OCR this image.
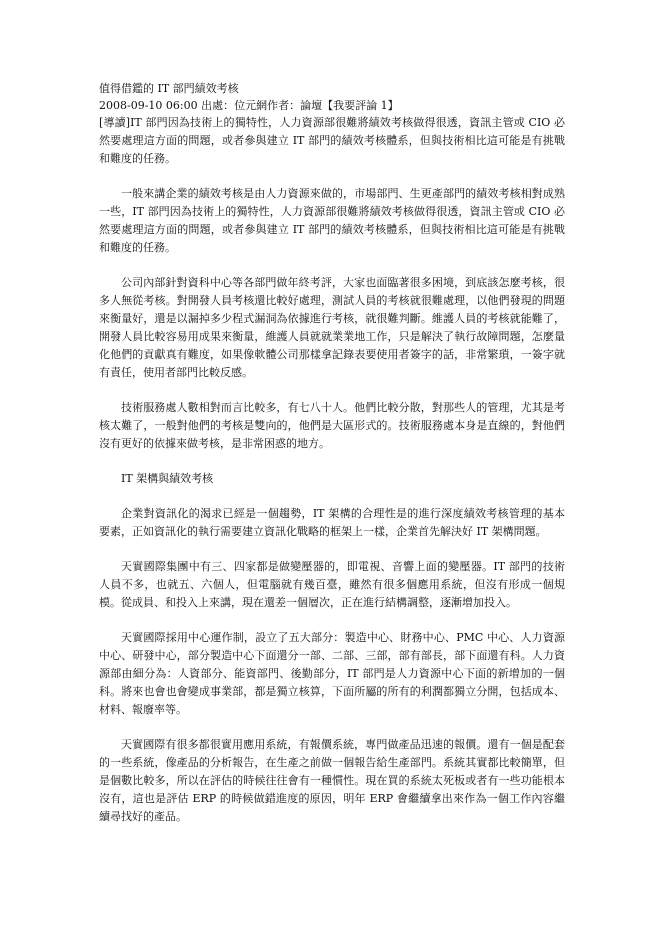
值得借鑑的 IT 部門績效考核

2008-09-10 06:00 出處：位元網作者：論壇【我要評論 1】

[導讀]IT 部門因為技術上的獨特性，人力資源部很難將績效考核做得很透，資訊主管或 CIO 必然要處理這方面的問題，或者參與建立 IT 部門的績效考核體系，但與技術相比這可能是有挑戰和難度的任務。

一般來講企業的績效考核是由人力資源來做的，市場部門、生更產部門的績效考核相對成熟一些，IT 部門因為技術上的獨特性，人力資源部很難將績效考核做得很透，資訊主管或 CIO 必然要處理這方面的問題，或者參與建立 IT 部門的績效考核體系，但與技術相比這可能是有挑戰和難度的任務。

公司內部針對資科中心等各部門做年終考評，大家也面臨著很多困境，到底該怎麼考核，很多人無從考核。對開發人員考核還比較好處理，測試人員的考核就很難處理，以他們發現的問題來衡量好，還是以漏掉多少程式漏洞為依據進行考核，就很難判斷。維護人員的考核就能難了，開發人員比較容易用成果來衡量，維護人員就就業業地工作，只是解決了執行故障問題，怎麼量化他們的貢獻真有難度，如果像軟體公司那樣拿記錄表要使用者簽字的話，非常繁瑣，一簽字就有責任，使用者部門比較反感。

技術服務處人數相對而言比較多，有七八十人。他們比較分散，對那些人的管理，尤其是考核太難了，一般對他們的考核是雙向的，他們是大區形式的。技術服務處本身是直線的，對他們沒有更好的依據來做考核，是非常困惑的地方。

IT 架構與績效考核

企業對資訊化的渴求已經是一個趨勢，IT 架構的合理性是的進行深度績效考核管理的基本要素，正如資訊化的執行需要建立資訊化戰略的框架上一樣，企業首先解決好 IT 架構問題。

天實國際集團中有三、四家都是做變壓器的，即電視、音響上面的變壓器。IT 部門的技術人員不多，也就五、六個人，但電腦就有幾百臺，雖然有很多個應用系統，但沒有形成一個規模。從成員、和投入上來講，現在還差一個層次，正在進行結構調整，逐漸增加投入。

天實國際採用中心運作制，設立了五大部分：製造中心、財務中心、PMC 中心、人力資源中心、研發中心，部分製造中心下面還分一部、二部、三部，部有部長，部下面還有科。人力資源部由細分為：人資部分、能資部門、後勤部分，IT 部門是人力資源中心下面的新增加的一個科。將來也會也會變成事業部，都是獨立核算，下面所屬的所有的利潤都獨立分開，包括成本、材料、報廢率等。

天實國際有很多都很實用應用系統，有報價系統，專門做產品迅速的報價。還有一個是配套的一些系統，像產品的分析報告，在生產之前做一個報告給生產部門。系統其實都比較簡單，但是個數比較多，所以在評估的時候往往會有一種慣性。現在買的系統太死板或者有一些功能根本沒有，這也是評估 ERP 的時候做錯進度的原因，明年 ERP 會繼續拿出來作為一個工作內容繼續尋找好的產品。
